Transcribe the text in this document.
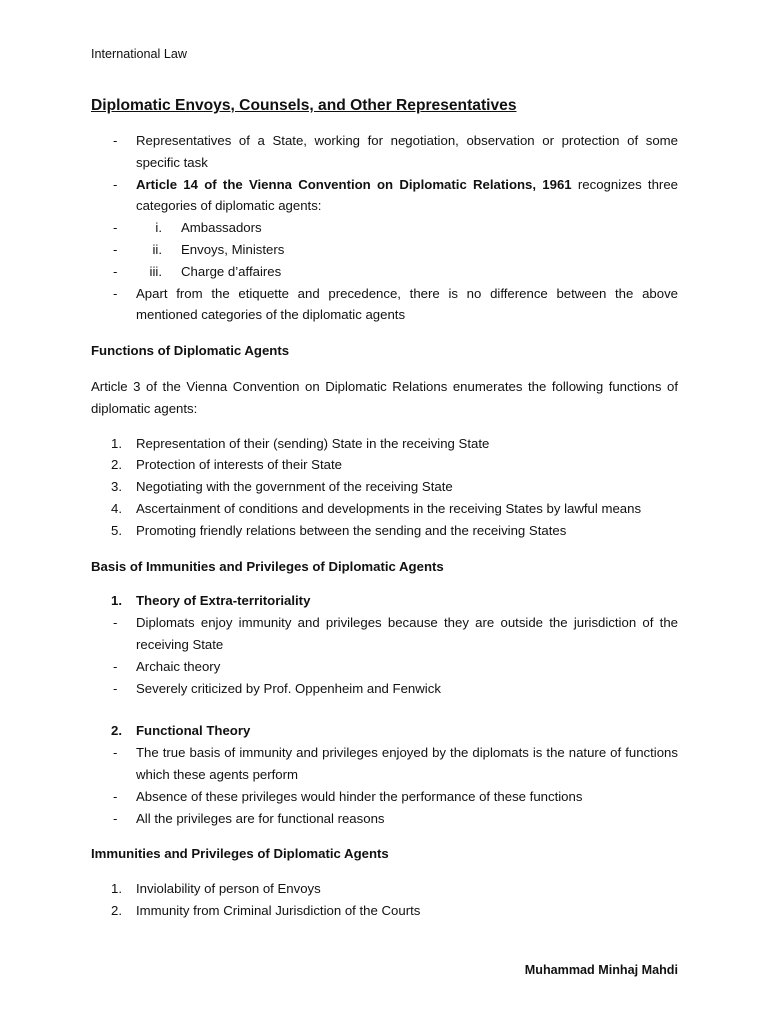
International Law
Diplomatic Envoys, Counsels, and Other Representatives
- Representatives of a State, working for negotiation, observation or protection of some specific task
- Article 14 of the Vienna Convention on Diplomatic Relations, 1961 recognizes three categories of diplomatic agents:
- i. Ambassadors
- ii. Envoys, Ministers
- iii. Charge d’affaires
- Apart from the etiquette and precedence, there is no difference between the above mentioned categories of the diplomatic agents
Functions of Diplomatic Agents
Article 3 of the Vienna Convention on Diplomatic Relations enumerates the following functions of diplomatic agents:
1. Representation of their (sending) State in the receiving State
2. Protection of interests of their State
3. Negotiating with the government of the receiving State
4. Ascertainment of conditions and developments in the receiving States by lawful means
5. Promoting friendly relations between the sending and the receiving States
Basis of Immunities and Privileges of Diplomatic Agents
1. Theory of Extra-territoriality
- Diplomats enjoy immunity and privileges because they are outside the jurisdiction of the receiving State
- Archaic theory
- Severely criticized by Prof. Oppenheim and Fenwick
2. Functional Theory
- The true basis of immunity and privileges enjoyed by the diplomats is the nature of functions which these agents perform
- Absence of these privileges would hinder the performance of these functions
- All the privileges are for functional reasons
Immunities and Privileges of Diplomatic Agents
1. Inviolability of person of Envoys
2. Immunity from Criminal Jurisdiction of the Courts
Muhammad Minhaj Mahdi
